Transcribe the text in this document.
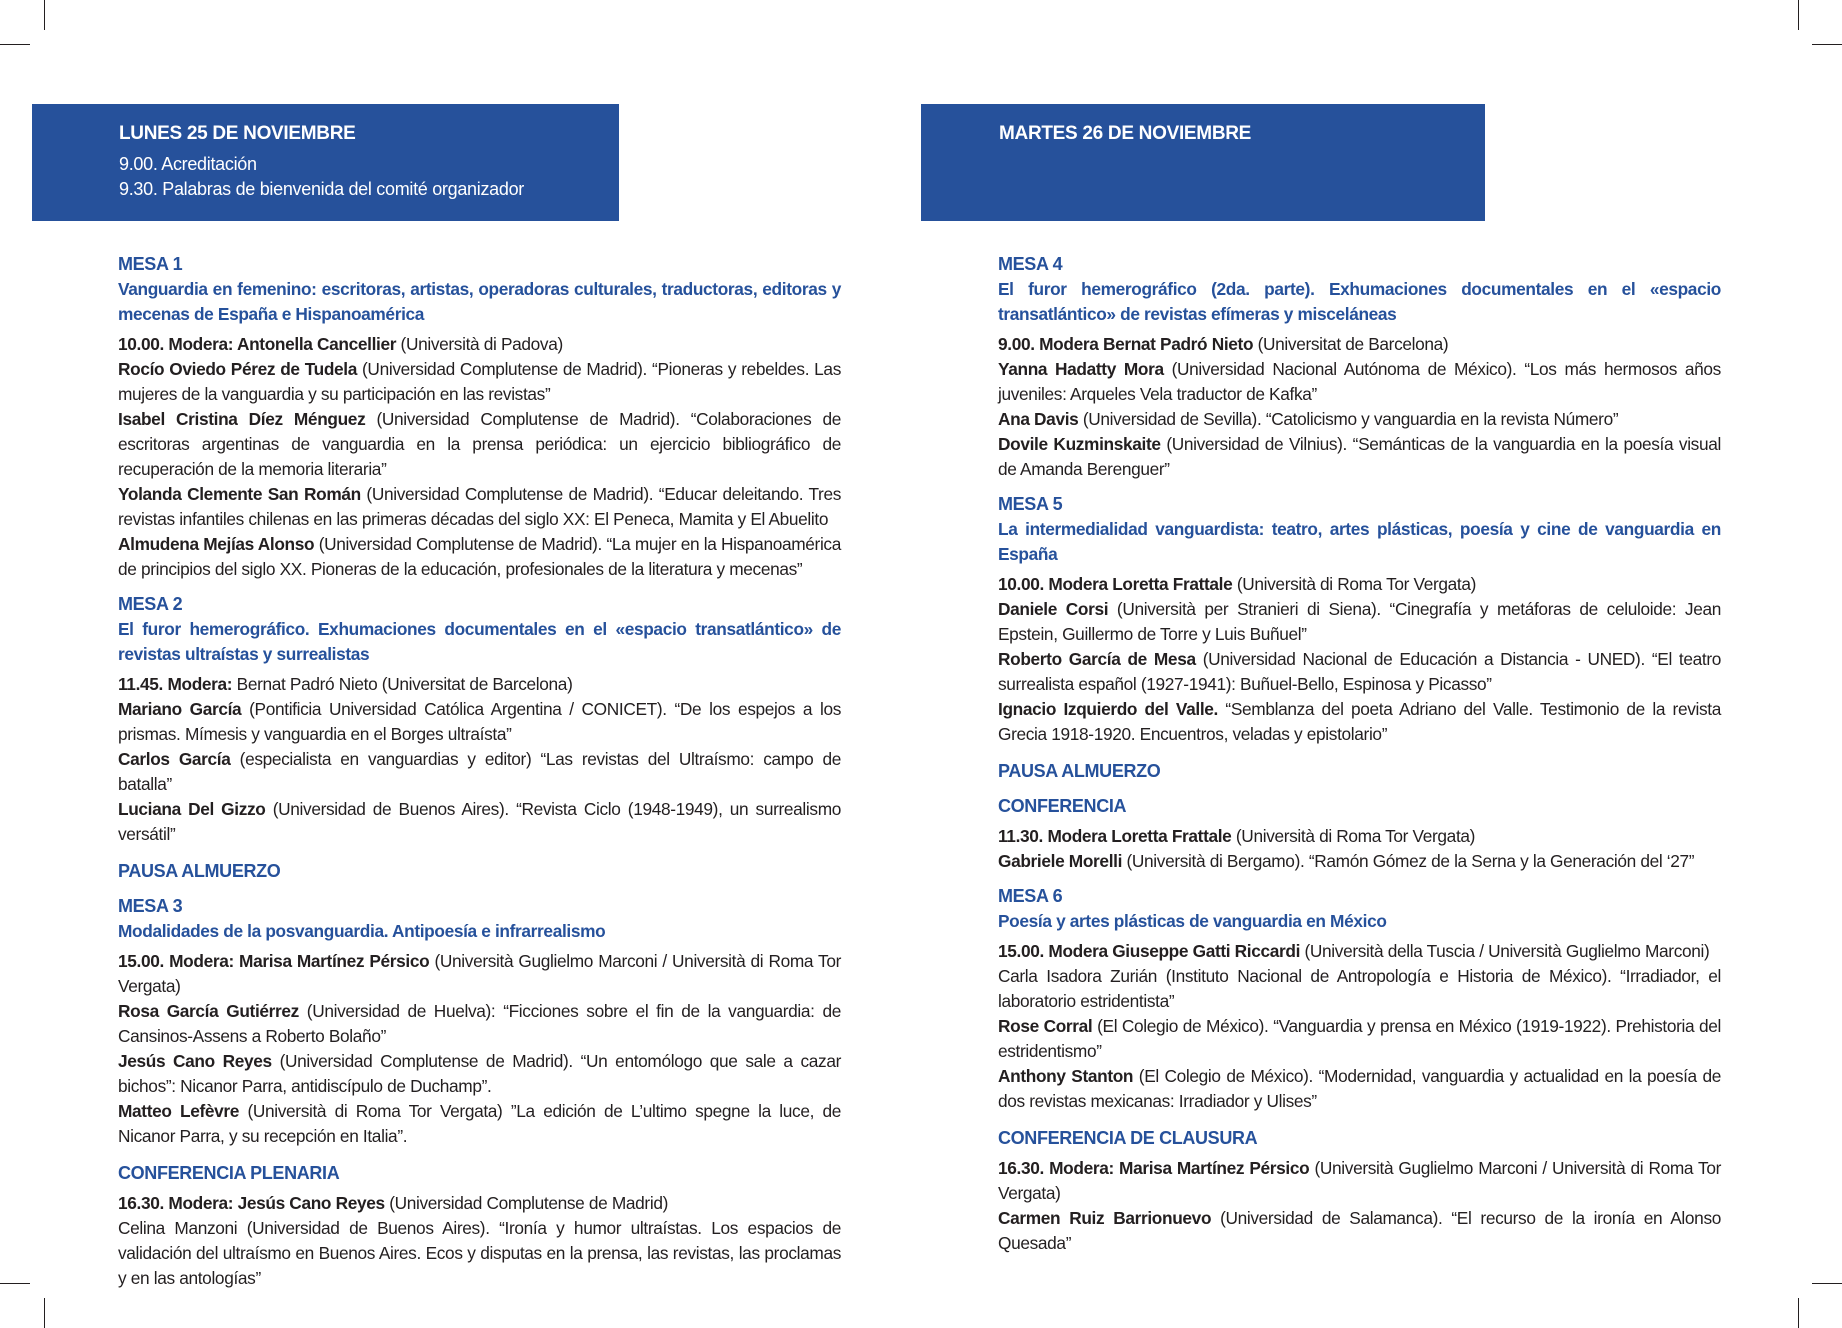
LUNES 25 DE NOVIEMBRE
9.00. Acreditación
9.30. Palabras de bienvenida del comité organizador
MARTES 26 DE NOVIEMBRE
MESA 1
Vanguardia en femenino: escritoras, artistas, operadoras culturales, traductoras, editoras y mecenas de España e Hispanoamérica
10.00. Modera: Antonella Cancellier (Università di Padova)
Rocío Oviedo Pérez de Tudela (Universidad Complutense de Madrid). “Pioneras y rebeldes. Las mujeres de la vanguardia y su participación en las revistas”
Isabel Cristina Díez Ménguez (Universidad Complutense de Madrid). “Colaboraciones de escritoras argentinas de vanguardia en la prensa periódica: un ejercicio bibliográfico de recuperación de la memoria literaria”
Yolanda Clemente San Román (Universidad Complutense de Madrid). “Educar deleitando. Tres revistas infantiles chilenas en las primeras décadas del siglo XX: El Peneca, Mamita y El Abuelito
Almudena Mejías Alonso (Universidad Complutense de Madrid). “La mujer en la Hispanoamérica de principios del siglo XX. Pioneras de la educación, profesionales de la literatura y mecenas”
MESA 2
El furor hemerográfico. Exhumaciones documentales en el «espacio transatlántico» de revistas ultraístas y surrealistas
11.45. Modera: Bernat Padró Nieto (Universitat de Barcelona)
Mariano García (Pontificia Universidad Católica Argentina / CONICET). “De los espejos a los prismas. Mímesis y vanguardia en el Borges ultraísta”
Carlos García (especialista en vanguardias y editor) “Las revistas del Ultraísmo: campo de batalla”
Luciana Del Gizzo (Universidad de Buenos Aires). “Revista Ciclo (1948-1949), un surrealismo versátil”
PAUSA ALMUERZO
MESA 3
Modalidades de la posvanguardia. Antipoesía e infrarrealismo
15.00. Modera: Marisa Martínez Pérsico (Università Guglielmo Marconi / Università di Roma Tor Vergata)
Rosa García Gutiérrez (Universidad de Huelva): “Ficciones sobre el fin de la vanguardia: de Cansinos-Assens a Roberto Bolaño”
Jesús Cano Reyes (Universidad Complutense de Madrid). “Un entomólogo que sale a cazar bichos”: Nicanor Parra, antidiscípulo de Duchamp”.
Matteo Lefèvre (Università di Roma Tor Vergata) ”La edición de L’ultimo spegne la luce, de Nicanor Parra, y su recepción en Italia”.
CONFERENCIA PLENARIA
16.30. Modera: Jesús Cano Reyes (Universidad Complutense de Madrid)
Celina Manzoni (Universidad de Buenos Aires). “Ironía y humor ultraístas. Los espacios de validación del ultraísmo en Buenos Aires. Ecos y disputas en la prensa, las revistas, las proclamas y en las antologías”
MESA 4
El furor hemerográfico (2da. parte). Exhumaciones documentales en el «espacio transatlántico» de revistas efímeras y misceláneas
9.00. Modera Bernat Padró Nieto (Universitat de Barcelona)
Yanna Hadatty Mora (Universidad Nacional Autónoma de México). “Los más hermosos años juveniles: Arqueles Vela traductor de Kafka”
Ana Davis (Universidad de Sevilla). “Catolicismo y vanguardia en la revista Número”
Dovile Kuzminskaite (Universidad de Vilnius). “Semánticas de la vanguardia en la poesía visual de Amanda Berenguer”
MESA 5
La intermedialidad vanguardista: teatro, artes plásticas, poesía y cine de vanguardia en España
10.00. Modera Loretta Frattale (Università di Roma Tor Vergata)
Daniele Corsi (Università per Stranieri di Siena). “Cinegrafía y metáforas de celuloide: Jean Epstein, Guillermo de Torre y Luis Buñuel”
Roberto García de Mesa (Universidad Nacional de Educación a Distancia - UNED). “El teatro surrealista español (1927-1941): Buñuel-Bello, Espinosa y Picasso”
Ignacio Izquierdo del Valle. “Semblanza del poeta Adriano del Valle. Testimonio de la revista Grecia 1918-1920. Encuentros, veladas y epistolario”
PAUSA ALMUERZO
CONFERENCIA
11.30. Modera Loretta Frattale (Università di Roma Tor Vergata)
Gabriele Morelli (Università di Bergamo). “Ramón Gómez de la Serna y la Generación del ‘27”
MESA 6
Poesía y artes plásticas de vanguardia en México
15.00. Modera Giuseppe Gatti Riccardi (Università della Tuscia / Università Guglielmo Marconi)
Carla Isadora Zurián (Instituto Nacional de Antropología e Historia de México). “Irradiador, el laboratorio estridentista”
Rose Corral (El Colegio de México). “Vanguardia y prensa en México (1919-1922). Prehistoria del estridentismo”
Anthony Stanton (El Colegio de México). “Modernidad, vanguardia y actualidad en la poesía de dos revistas mexicanas: Irradiador y Ulises”
CONFERENCIA DE CLAUSURA
16.30. Modera: Marisa Martínez Pérsico (Università Guglielmo Marconi / Università di Roma Tor Vergata)
Carmen Ruiz Barrionuevo (Universidad de Salamanca). “El recurso de la ironía en Alonso Quesada”
